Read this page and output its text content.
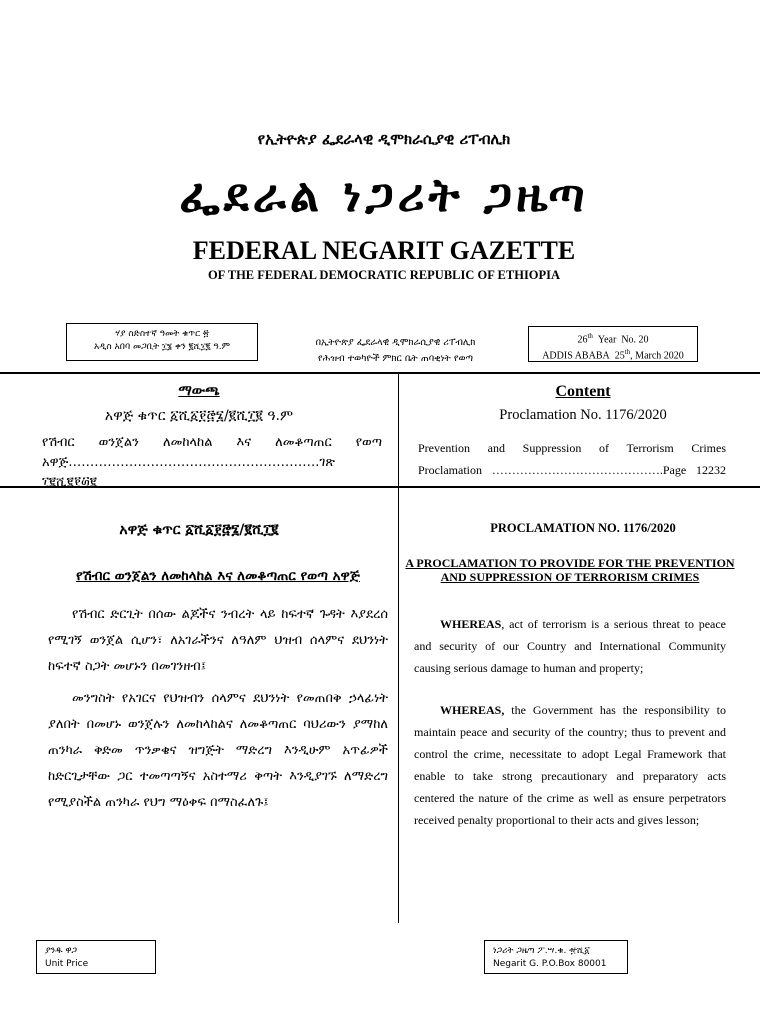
የኢትዮጵያ ፌደራላዊ ዲሞክራሲያዊ ሪፐብሊክ
ፌደራል ነጋሪት ጋዜጣ
FEDERAL NEGARIT GAZETTE
OF THE FEDERAL DEMOCRATIC REPUBLIC OF ETHIOPIA
ሃያ ስድስተኛ ዓመት ቁጥር ፳
አዲስ አበባ መጋቢት ፲፮ ቀን ፪ሺ፲፪ ዓ.ም	በኢትዮጵያ ፌደራላዊ ዲሞክራሲያዊ ሪፐብሊክ
የሕዝብ ተወካዮች ምክር ቤት ጠባቂነት የወጣ
26th Year No. 20
ADDIS ABABA 25th, March 2020
ማውጫ	Content
አዋጅ ቁጥር ፩ሺ፩፻፸፮/፪ሺ፲፪ ዓ.ም	Proclamation No. 1176/2020
የሽብር ወንጀልን ለመከላከል እና ለመቆጣጠር የወጣ
አዋጅ………………………………………………….ገጽ ፲፪ሺ፪፻፴፪
Prevention and Suppression of Terrorism Crimes
Proclamation …………………………………….Page 12232
አዋጅ ቁጥር ፩ሺ፩፻፸፮/፪ሺ፲፪
የሽብር ወንጀልን ለመከላከል እና ለመቆጣጠር የወጣ አዋጅ
የሽብር ድርጊት በሰው ልጆችና ንብረት ላይ ከፍተኛ ጉዳት እያደረሰ የሚገኝ ወንጀል ሲሆን፣ ለአገራችንና ለዓለም ህዝብ ሰላምና ደህንነት ከፍተኛ ስጋት መሆኑን በመገንዘብ፤
መንግስት የአገርና የህዝብን ሰላምና ደህንነት የመጠበቅ ኃላፊነት ያለበት በመሆኑ ወንጀሉን ለመከላከልና ለመቆጣጠር ባህሪውን ያማከለ ጠንካራ ቅድመ ጥንቃቄና ዝግጅት ማድረግ እንዲሁም አጥፊዎች ከድርጊታቸው ጋር ተመጣጣኝና አስተማሪ ቅጣት እንዲያገኙ ለማድረግ የሚያስችል ጠንካራ የህግ ማዕቀፍ በማስፈለጉ፤
PROCLAMATION NO. 1176/2020
A PROCLAMATION TO PROVIDE FOR THE PREVENTION AND SUPPRESSION OF TERRORISM CRIMES
WHEREAS, act of terrorism is a serious threat to peace and security of our Country and International Community causing serious damage to human and property;
WHEREAS, the Government has the responsibility to maintain peace and security of the country; thus to prevent and control the crime, necessitate to adopt Legal Framework that enable to take strong precautionary and preparatory acts centered the nature of the crime as well as ensure perpetrators received penalty proportional to their acts and gives lesson;
ያንዱ ዋጋ
Unit Price
ነጋሪት ጋዜጣ ፖ.ሣ.ቁ. ፹ሺ፩
Negarit G. P.O.Box 80001
